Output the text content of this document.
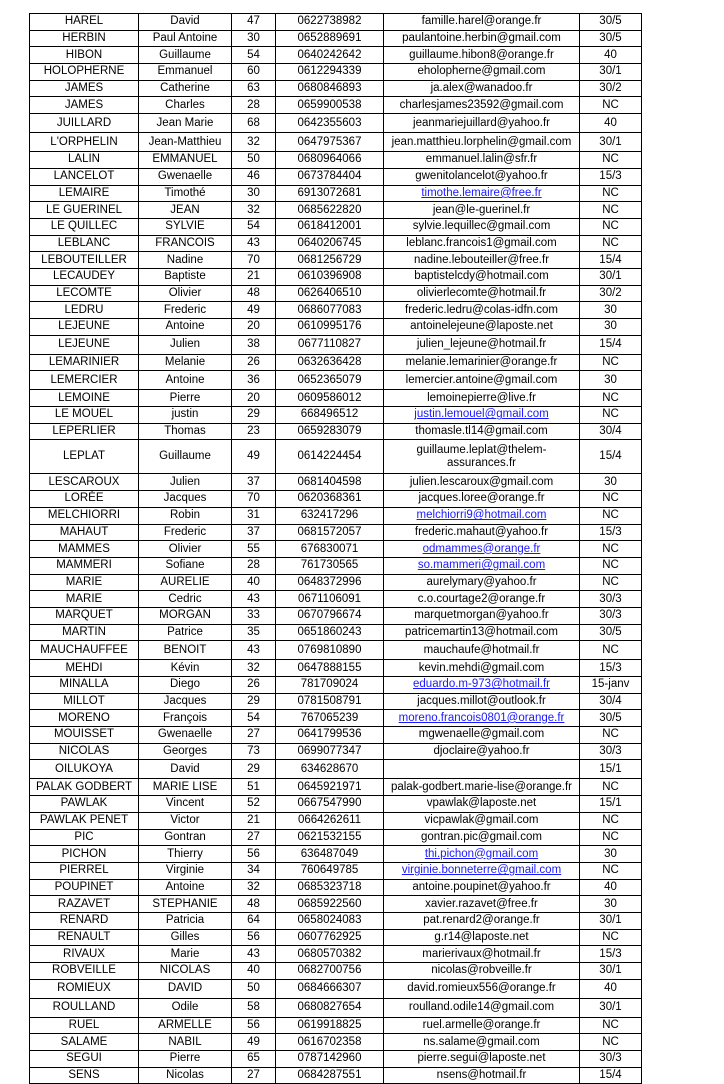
HAREL	David	47	0622738982	famille.harel@orange.fr	30/5
HERBIN	Paul Antoine	30	0652889691	paulantoine.herbin@gmail.com	30/5
HIBON	Guillaume	54	0640242642	guillaume.hibon8@orange.fr	40
HOLOPHERNE	Emmanuel	60	0612294339	eholopherne@gmail.com	30/1
JAMES	Catherine	63	0680846893	ja.alex@wanadoo.fr	30/2
JAMES	Charles	28	0659900538	charlesjames23592@gmail.com	NC
JUILLARD	Jean Marie	68	0642355603	jeanmariejuillard@yahoo.fr	40
L'ORPHELIN	Jean-Matthieu	32	0647975367	jean.matthieu.lorphelin@gmail.com	30/1
LALIN	EMMANUEL	50	0680964066	emmanuel.lalin@sfr.fr	NC
LANCELOT	Gwenaelle	46	0673784404	gwenitolancelot@yahoo.fr	15/3
LEMAIRE	Timothé	30	6913072681	timothe.lemaire@free.fr	NC
LE GUERINEL	JEAN	32	0685622820	jean@le-guerinel.fr	NC
LE QUILLEC	SYLVIE	54	0618412001	sylvie.lequillec@gmail.com	NC
LEBLANC	FRANCOIS	43	0640206745	leblanc.francois1@gmail.com	NC
LEBOUTEILLER	Nadine	70	0681256729	nadine.lebouteiller@free.fr	15/4
LECAUDEY	Baptiste	21	0610396908	baptistelcdy@hotmail.com	30/1
LECOMTE	Olivier	48	0626406510	olivierlecomte@hotmail.fr	30/2
LEDRU	Frederic	49	0686077083	frederic.ledru@colas-idfn.com	30
LEJEUNE	Antoine	20	0610995176	antoinelejeune@laposte.net	30
LEJEUNE	Julien	38	0677110827	julien_lejeune@hotmail.fr	15/4
LEMARINIER	Melanie	26	0632636428	melanie.lemarinier@orange.fr	NC
LEMERCIER	Antoine	36	0652365079	lemercier.antoine@gmail.com	30
LEMOINE	Pierre	20	0609586012	lemoinepierre@live.fr	NC
LE MOUEL	justin	29	668496512	justin.lemouel@gmail.com	NC
LEPERLIER	Thomas	23	0659283079	thomasle.tl14@gmail.com	30/4
LEPLAT	Guillaume	49	0614224454	guillaume.leplat@thelem-assurances.fr	15/4
LESCAROUX	Julien	37	0681404598	julien.lescaroux@gmail.com	30
LORÉE	Jacques	70	0620368361	jacques.loree@orange.fr	NC
MELCHIORRI	Robin	31	632417296	melchiorri9@hotmail.com	NC
MAHAUT	Frederic	37	0681572057	frederic.mahaut@yahoo.fr	15/3
MAMMES	Olivier	55	676830071	odmammes@orange.fr	NC
MAMMERI	Sofiane	28	761730565	so.mammeri@gmail.com	NC
MARIE	AURELIE	40	0648372996	aurelymary@yahoo.fr	NC
MARIE	Cedric	43	0671106091	c.o.courtage2@orange.fr	30/3
MARQUET	MORGAN	33	0670796674	marquetmorgan@yahoo.fr	30/3
MARTIN	Patrice	35	0651860243	patricemartin13@hotmail.com	30/5
MAUCHAUFFEE	BENOIT	43	0769810890	mauchaufe@hotmail.fr	NC
MEHDI	Kévin	32	0647888155	kevin.mehdi@gmail.com	15/3
MINALLA	Diego	26	781709024	eduardo.m-973@hotmail.fr	15-janv
MILLOT	Jacques	29	0781508791	jacques.millot@outlook.fr	30/4
MORENO	François	54	767065239	moreno.francois0801@orange.fr	30/5
MOUISSET	Gwenaelle	27	0641799536	mgwenaelle@gmail.com	NC
NICOLAS	Georges	73	0699077347	djoclaire@yahoo.fr	30/3
OILUKOYA	David	29	634628670		15/1
PALAK GODBERT	MARIE LISE	51	0645921971	palak-godbert.marie-lise@orange.fr	NC
PAWLAK	Vincent	52	0667547990	vpawlak@laposte.net	15/1
PAWLAK PENET	Victor	21	0664262611	vicpawlak@gmail.com	NC
PIC	Gontran	27	0621532155	gontran.pic@gmail.com	NC
PICHON	Thierry	56	636487049	thi.pichon@gmail.com	30
PIERREL	Virginie	34	760649785	virginie.bonneterre@gmail.com	NC
POUPINET	Antoine	32	0685323718	antoine.poupinet@yahoo.fr	40
RAZAVET	STEPHANIE	48	0685922560	xavier.razavet@free.fr	30
RENARD	Patricia	64	0658024083	pat.renard2@orange.fr	30/1
RENAULT	Gilles	56	0607762925	g.r14@laposte.net	NC
RIVAUX	Marie	43	0680570382	marierivaux@hotmail.fr	15/3
ROBVEILLE	NICOLAS	40	0682700756	nicolas@robveille.fr	30/1
ROMIEUX	DAVID	50	0684666307	david.romieux556@orange.fr	40
ROULLAND	Odile	58	0680827654	roulland.odile14@gmail.com	30/1
RUEL	ARMELLE	56	0619918825	ruel.armelle@orange.fr	NC
SALAME	NABIL	49	0616702358	ns.salame@gmail.com	NC
SEGUI	Pierre	65	0787142960	pierre.segui@laposte.net	30/3
SENS	Nicolas	27	0684287551	nsens@hotmail.fr	15/4
